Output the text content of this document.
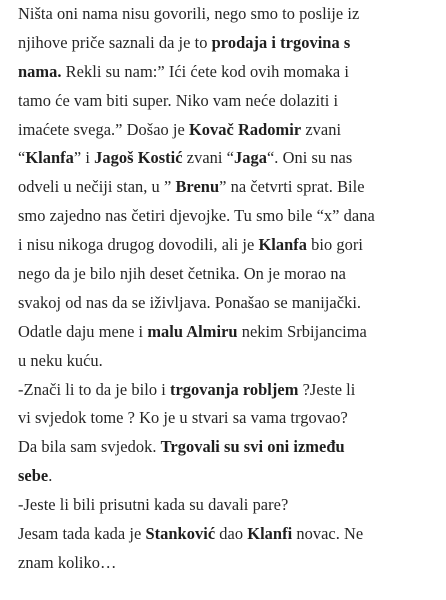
Ništa oni nama nisu govorili, nego smo to poslije iz
njihove priče saznali da je to prodaja i trgovina s
nama. Rekli su nam:” Ići ćete kod ovih momaka i
tamo će vam biti super. Niko vam neće dolaziti i
imaćete svega.” Došao je Kovač Radomir zvani
“Klanfa” i Jagoš Kostić zvani “Jaga“. Oni su nas
odveli u nečiji stan, u ” Brenu” na četvrti sprat. Bile
smo zajedno nas četiri djevojke. Tu smo bile “x” dana
i nisu nikoga drugog dovodili, ali je Klanfa bio gori
nego da je bilo njih deset četnika. On je morao na
svakoj od nas da se iživljava. Ponašao se manijački.
Odatle daju mene i malu Almiru nekim Srbijancima
u neku kuću.
-Znači li to da je bilo i trgovanja robljem ?Jeste li
vi svjedok tome ? Ko je u stvari sa vama trgovao?
Da bila sam svjedok. Trgovali su svi oni između
sebe.
-Jeste li bili prisutni kada su davali pare?
Jesam tada kada je Stanković dao Klanfi novac. Ne
znam koliko…
